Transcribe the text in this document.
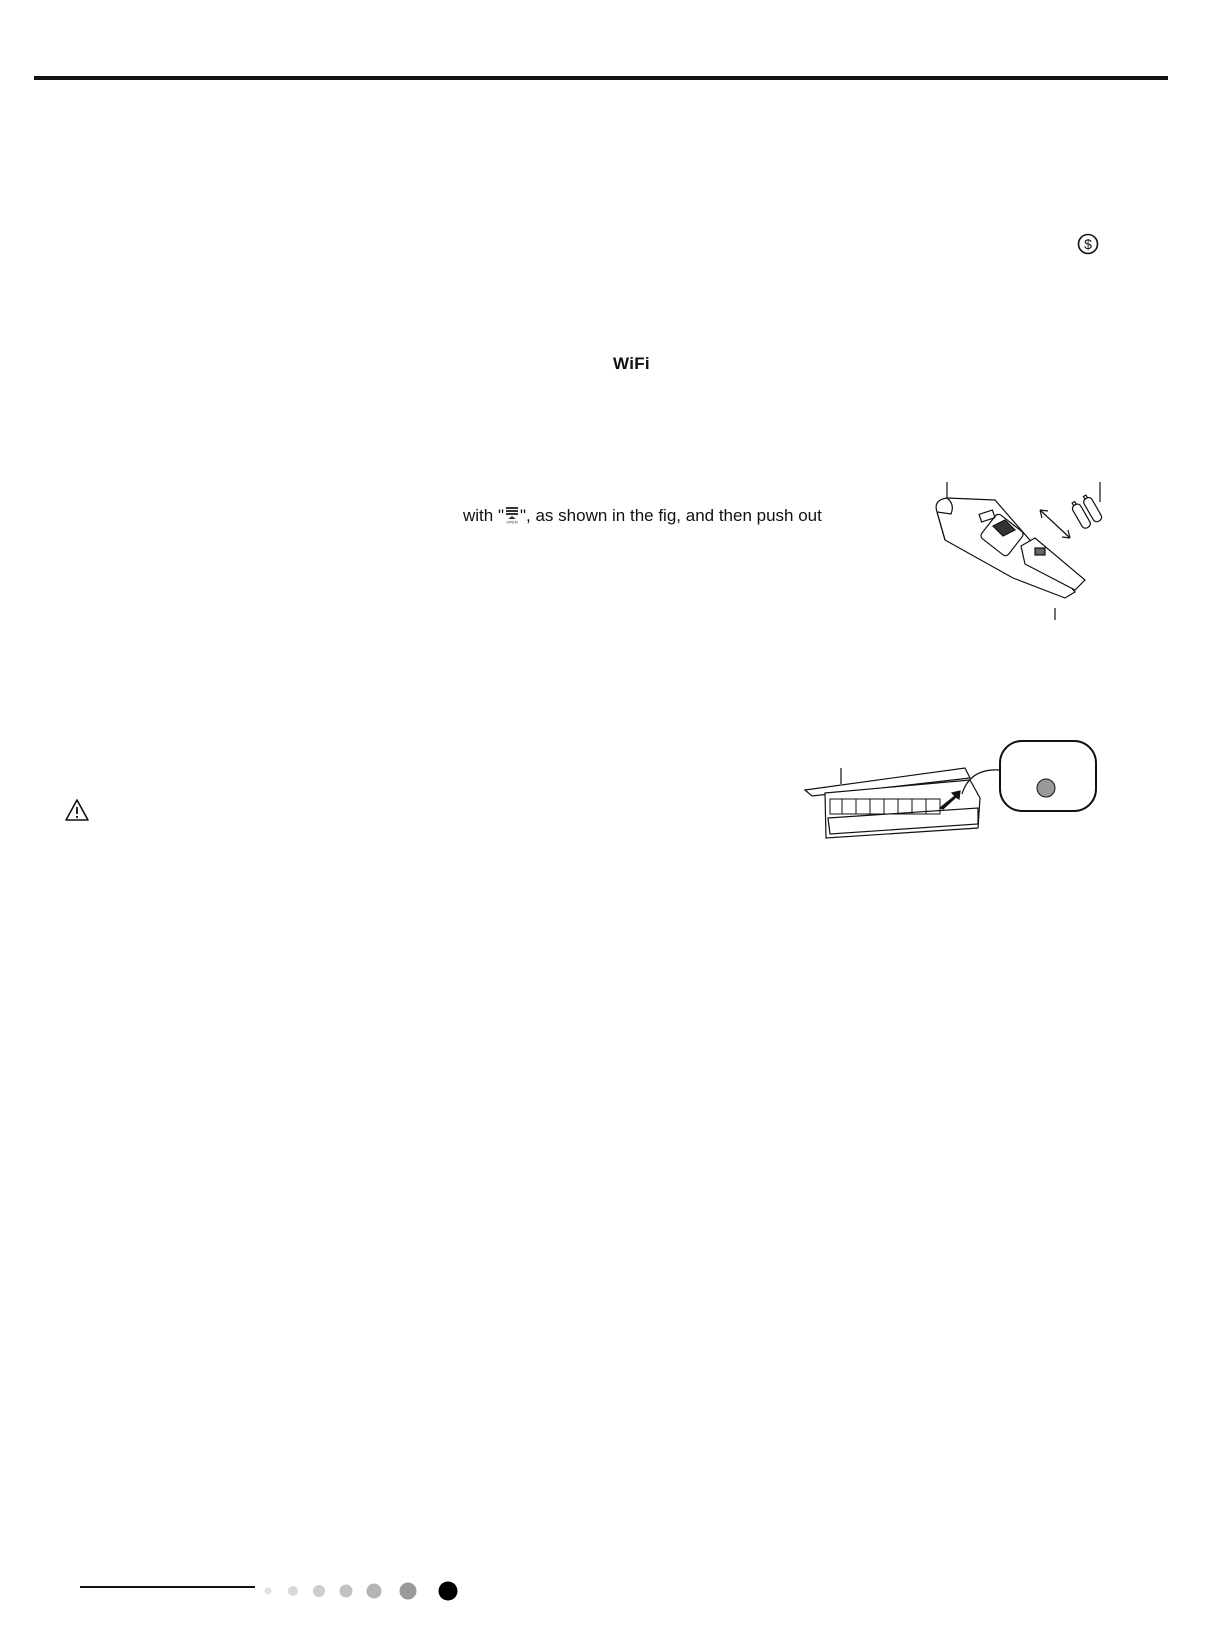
$
WiFi
with " OPEN ", as shown in the fig, and then push out
